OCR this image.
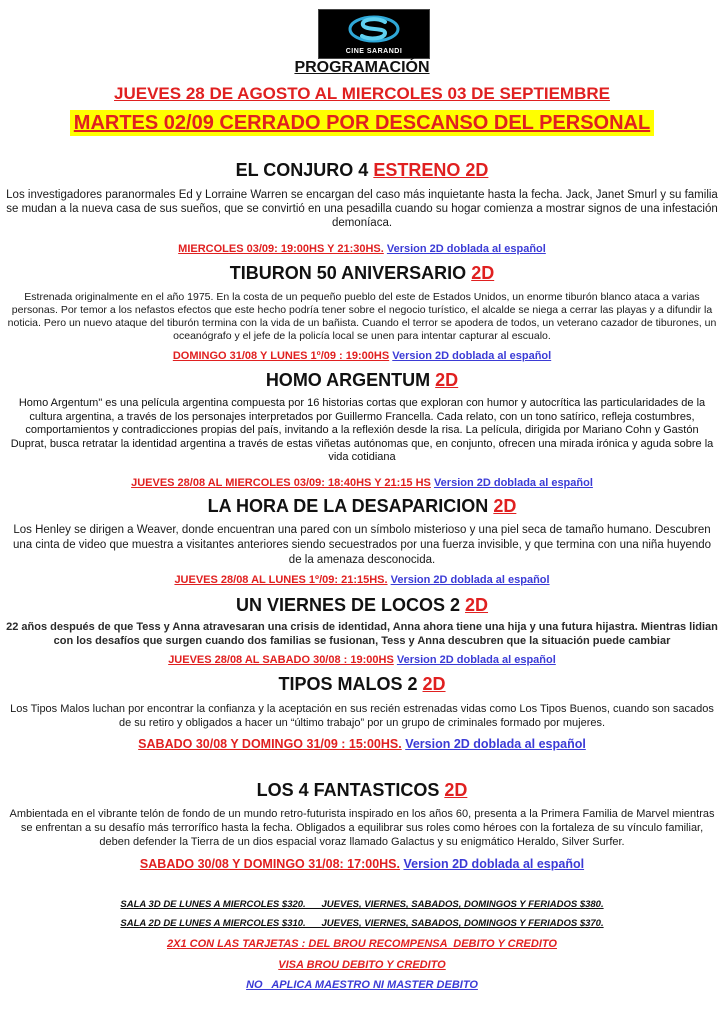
CINE SARANDI
PROGRAMACIÓN
JUEVES 28 DE AGOSTO AL MIERCOLES 03 DE SEPTIEMBRE
MARTES 02/09 CERRADO POR DESCANSO DEL PERSONAL
EL CONJURO 4 ESTRENO 2D
Los investigadores paranormales Ed y Lorraine Warren se encargan del caso más inquietante hasta la fecha. Jack, Janet Smurl y su familia se mudan a la nueva casa de sus sueños, que se convirtió en una pesadilla cuando su hogar comienza a mostrar signos de una infestación demoníaca.
MIERCOLES 03/09: 19:00HS Y 21:30HS. Version 2D doblada al español
TIBURON 50 ANIVERSARIO 2D
Estrenada originalmente en el año 1975. En la costa de un pequeño pueblo del este de Estados Unidos, un enorme tiburón blanco ataca a varias personas. Por temor a los nefastos efectos que este hecho podría tener sobre el negocio turístico, el alcalde se niega a cerrar las playas y a difundir la noticia. Pero un nuevo ataque del tiburón termina con la vida de un bañista. Cuando el terror se apodera de todos, un veterano cazador de tiburones, un oceanógrafo y el jefe de la policía local se unen para intentar capturar al escualo.
DOMINGO 31/08 Y LUNES 1º/09 : 19:00HS Version 2D doblada al español
HOMO ARGENTUM 2D
Homo Argentum" es una película argentina compuesta por 16 historias cortas que exploran con humor y autocrítica las particularidades de la cultura argentina, a través de los personajes interpretados por Guillermo Francella. Cada relato, con un tono satírico, refleja costumbres, comportamientos y contradicciones propias del país, invitando a la reflexión desde la risa. La película, dirigida por Mariano Cohn y Gastón Duprat, busca retratar la identidad argentina a través de estas viñetas autónomas que, en conjunto, ofrecen una mirada irónica y aguda sobre la vida cotidiana
JUEVES 28/08 AL MIERCOLES 03/09: 18:40HS Y 21:15 HS Version 2D doblada al español
LA HORA DE LA DESAPARICION 2D
Los Henley se dirigen a Weaver, donde encuentran una pared con un símbolo misterioso y una piel seca de tamaño humano. Descubren una cinta de video que muestra a visitantes anteriores siendo secuestrados por una fuerza invisible, y que termina con una niña huyendo de la amenaza desconocida.
JUEVES 28/08 AL LUNES 1º/09: 21:15HS. Version 2D doblada al español
UN VIERNES DE LOCOS 2 2D
22 años después de que Tess y Anna atravesaran una crisis de identidad, Anna ahora tiene una hija y una futura hijastra. Mientras lidian con los desafíos que surgen cuando dos familias se fusionan, Tess y Anna descubren que la situación puede cambiar
JUEVES 28/08 AL SABADO 30/08 : 19:00HS Version 2D doblada al español
TIPOS MALOS 2 2D
Los Tipos Malos luchan por encontrar la confianza y la aceptación en sus recién estrenadas vidas como Los Tipos Buenos, cuando son sacados de su retiro y obligados a hacer un “último trabajo” por un grupo de criminales formado por mujeres.
SABADO 30/08 Y DOMINGO 31/09 : 15:00HS. Version 2D doblada al español
LOS 4 FANTASTICOS 2D
Ambientada en el vibrante telón de fondo de un mundo retro-futurista inspirado en los años 60, presenta a la Primera Familia de Marvel mientras se enfrentan a su desafío más terrorífico hasta la fecha. Obligados a equilibrar sus roles como héroes con la fortaleza de su vínculo familiar, deben defender la Tierra de un dios espacial voraz llamado Galactus y su enigmático Heraldo, Silver Surfer.
SABADO 30/08 Y DOMINGO 31/08: 17:00HS. Version 2D doblada al español
SALA 3D DE LUNES A MIERCOLES $320.      JUEVES, VIERNES, SABADOS, DOMINGOS Y FERIADOS $380.
SALA 2D DE LUNES A MIERCOLES $310.      JUEVES, VIERNES, SABADOS, DOMINGOS Y FERIADOS $370.
2X1 CON LAS TARJETAS : DEL BROU RECOMPENSA  DEBITO Y CREDITO
VISA BROU DEBITO Y CREDITO
NO   APLICA MAESTRO NI MASTER DEBITO
